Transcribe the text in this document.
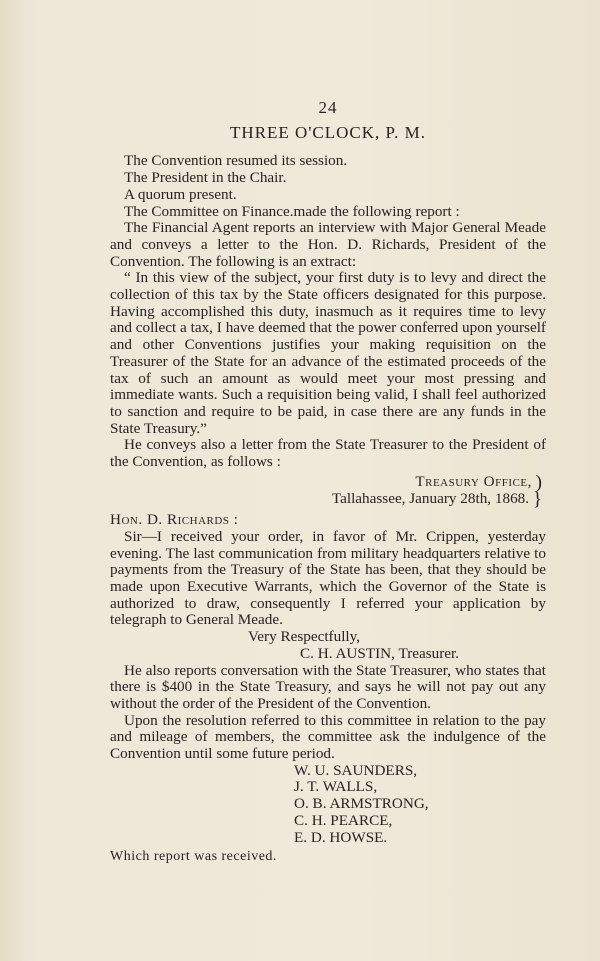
24
THREE O'CLOCK, P. M.

The Convention resumed its session.

The President in the Chair.

A quorum present.

The Committee on Finance.made the following report :

The Financial Agent reports an interview with Major General Meade and conveys a letter to the Hon. D. Richards, President of the Convention. The following is an extract:

“ In this view of the subject, your first duty is to levy and direct the collection of this tax by the State officers designated for this purpose. Having accomplished this duty, inasmuch as it requires time to levy and collect a tax, I have deemed that the power conferred upon yourself and other Conventions justifies your making requisition on the Treasurer of the State for an advance of the estimated proceeds of the tax of such an amount as would meet your most pressing and immediate wants. Such a requisition being valid, I shall feel authorized to sanction and require to be paid, in case there are any funds in the State Treasury.”

He conveys also a letter from the State Treasurer to the President of the Convention, as follows :

Treasury Office, )
Tallahassee, January 28th, 1868. }

Hon. D. Richards :

Sir—I received your order, in favor of Mr. Crippen, yesterday evening. The last communication from military headquarters relative to payments from the Treasury of the State has been, that they should be made upon Executive Warrants, which the Governor of the State is authorized to draw, consequently I referred your application by telegraph to General Meade.

Very Respectfully,

C. H. AUSTIN, Treasurer.

He also reports conversation with the State Treasurer, who states that there is $400 in the State Treasury, and says he will not pay out any without the order of the President of the Convention.

Upon the resolution referred to this committee in relation to the pay and mileage of members, the committee ask the indulgence of the Convention until some future period.

W. U. SAUNDERS,

J. T. WALLS,

O. B. ARMSTRONG,

C. H. PEARCE,

E. D. HOWSE.

Which report was received.
